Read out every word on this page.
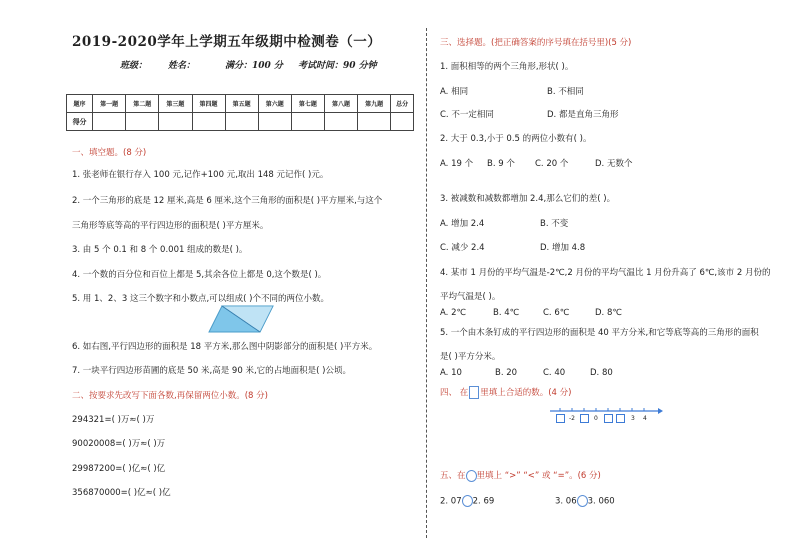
2019-2020学年上学期五年级期中检测卷（一）
班级： 姓名：	满分：100 分 考试时间：90 分钟
题序	第一题	第二题	第三题	第四题	第五题	第六题	第七题	第八题	第九题	总分
得分										
一、填空题。(8 分)
1. 张老师在银行存入 100 元,记作+100 元,取出 148 元记作( )元。
2. 一个三角形的底是 12 厘米,高是 6 厘米,这个三角形的面积是( )平方厘米,与这个
三角形等底等高的平行四边形的面积是( )平方厘米。
3. 由 5 个 0.1 和 8 个 0.001 组成的数是( )。
4. 一个数的百分位和百位上都是 5,其余各位上都是 0,这个数是( )。
5. 用 1、2、3 这三个数字和小数点,可以组成( )个不同的两位小数。
6. 如右图,平行四边形的面积是 18 平方米,那么图中阴影部分的面积是( )平方米。
7. 一块平行四边形苗圃的底是 50 米,高是 90 米,它的占地面积是( )公顷。
二、按要求先改写下面各数,再保留两位小数。(8 分)
294321=( )万≈( )万
90020008=( )万≈( )万
29987200=( )亿≈( )亿
356870000=( )亿≈( )亿
三、选择题。(把正确答案的序号填在括号里)(5 分)
1. 面积相等的两个三角形,形状( )。
A. 相同	B. 不相同
C. 不一定相同	D. 都是直角三角形
2. 大于 0.3,小于 0.5 的两位小数有( )。
A. 19 个 B. 9 个 C. 20 个	D. 无数个
3. 被减数和减数都增加 2.4,那么它们的差( )。
A. 增加 2.4	B. 不变
C. 减少 2.4	D. 增加 4.8
4. 某市 1 月份的平均气温是-2℃,2 月份的平均气温比 1 月份升高了 6℃,该市 2 月份的
平均气温是( )。
A. 2℃	B. 4℃	C. 6℃	D. 8℃
5. 一个由木条钉成的平行四边形的面积是 40 平方分米,和它等底等高的三角形的面积
是( )平方分米。
A. 10	B. 20	C. 40	D. 80
四、 在 里填上合适的数。(4 分)
-2	0	3 4
五、在 里填上 “>” “<” 或 “=”。(6 分)
2. 07 2. 69	3. 06 3. 060
